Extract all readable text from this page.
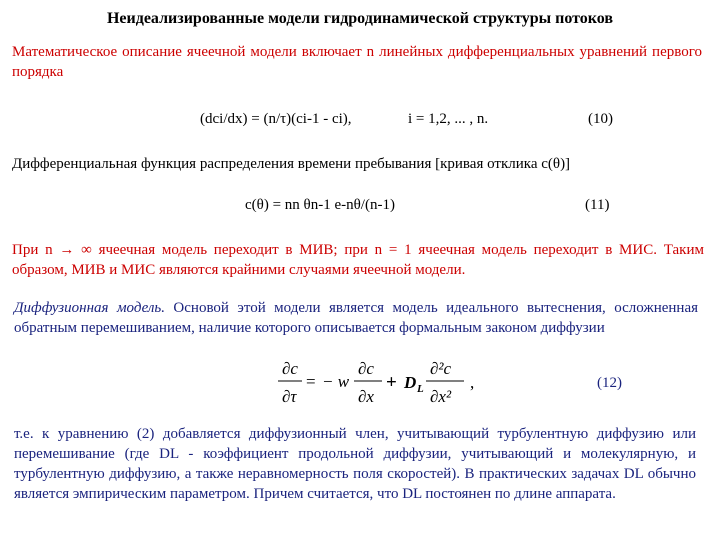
Неидеализированные модели гидродинамической структуры потоков
Математическое описание ячеечной модели включает n линейных дифференциальных уравнений первого порядка
(dci/dx) = (n/τ)(ci-1 - ci),	i = 1,2, ... , n.	(10)
Дифференциальная функция распределения времени пребывания [кривая отклика c(θ)]
c(θ) = nn θn-1 e-nθ/(n-1)	(11)
При n → ∞ ячеечная модель переходит в МИВ; при n = 1 ячеечная модель переходит в МИС. Таким образом, МИВ и МИС являются крайними случаями ячеечной модели.
Диффузионная модель. Основой этой модели является модель идеального вытеснения, осложненная обратным перемешиванием, наличие которого описывается формальным законом диффузии
∂c
∂τ
= − w
∂c
∂x
+ D L
∂²c
∂x²
,	(12)
т.е. к уравнению (2) добавляется диффузионный член, учитывающий турбулентную диффузию или перемешивание (где DL - коэффициент продольной диффузии, учитывающий и молекулярную, и турбулентную диффузию, а также неравномерность поля скоростей). В практических задачах DL обычно является эмпирическим параметром. Причем считается, что DL постоянен по длине аппарата.
